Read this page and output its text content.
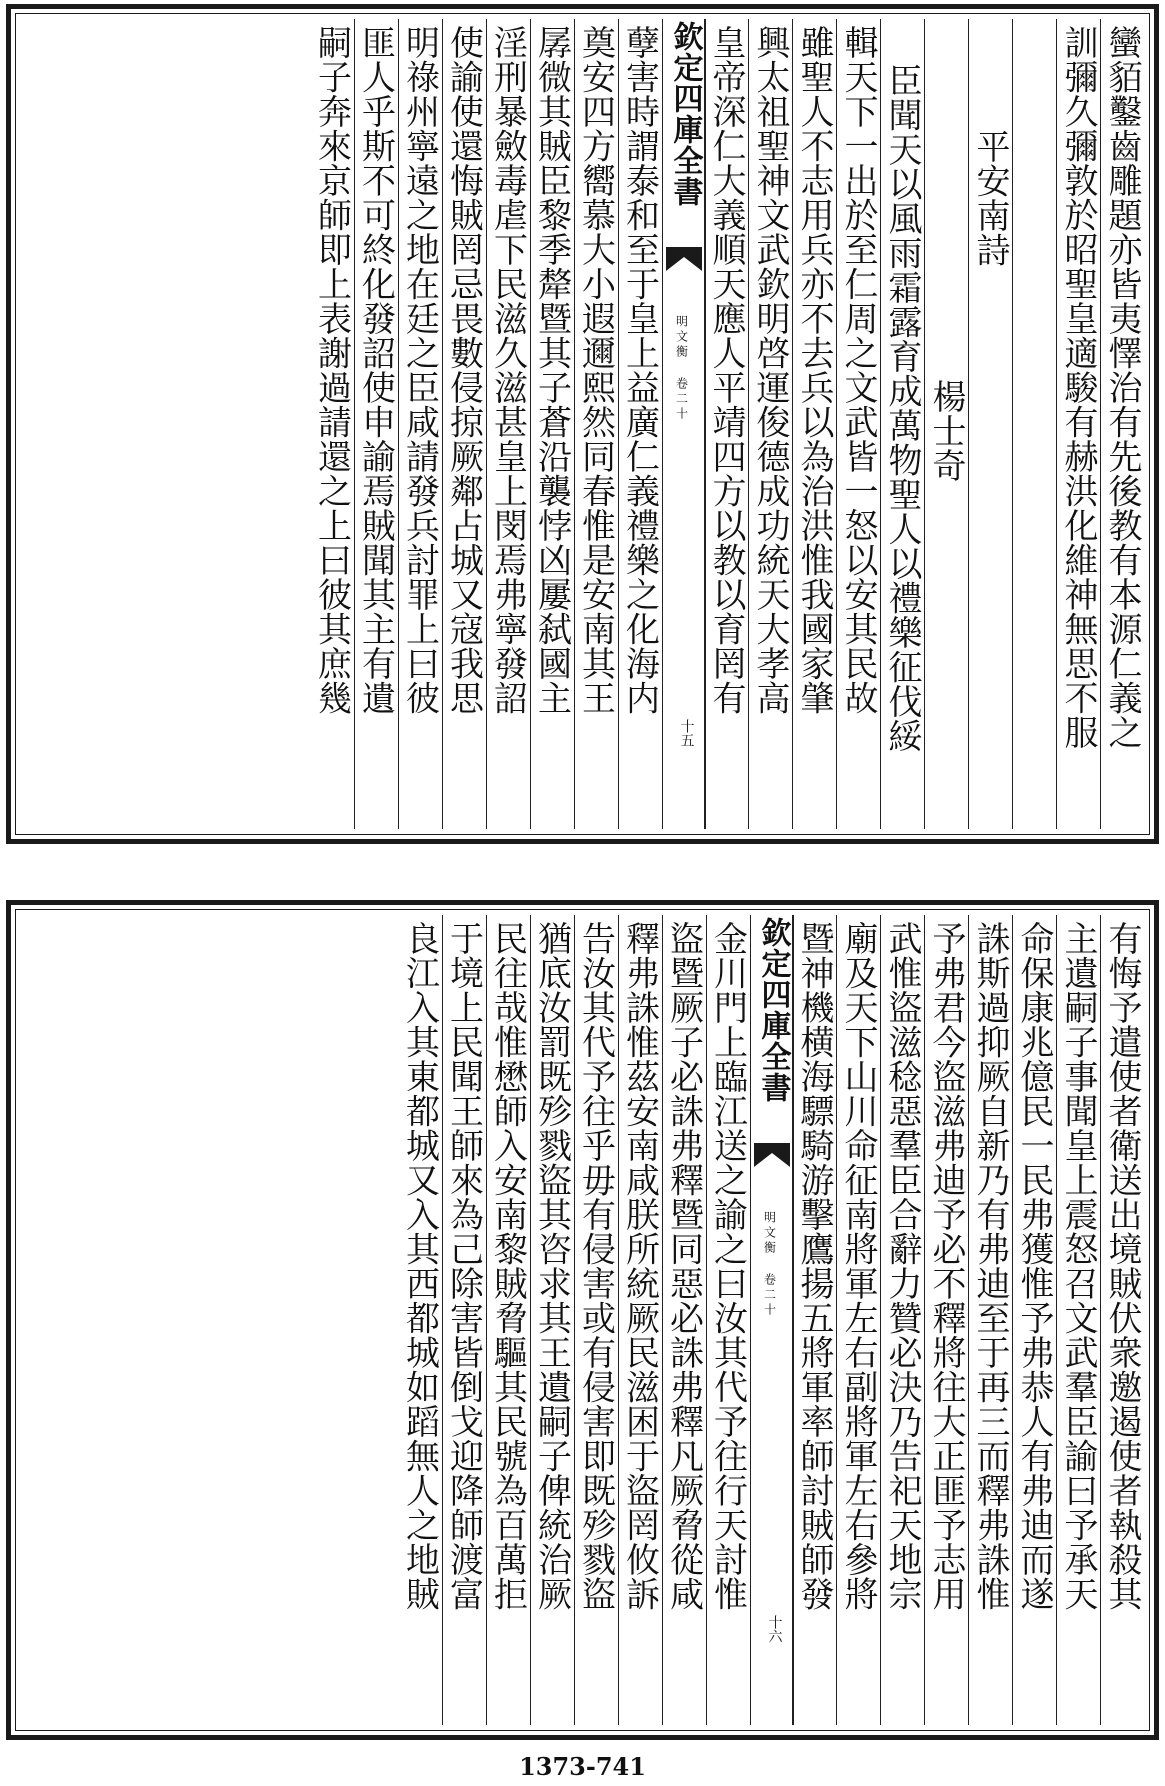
蠻貊鑿齒雕題亦皆夷懌治有先後教有本源仁義之
訓彌久彌敦於昭聖皇適駿有赫洪化維神無思不服
平安南詩
楊士奇
臣聞天以風雨霜露育成萬物聖人以禮樂征伐綏
輯天下一出於至仁周之文武皆一怒以安其民故
雖聖人不志用兵亦不去兵以為治洪惟我國家肇
興太祖聖神文武欽明啓運俊德成功統天大孝高
皇帝深仁大義順天應人平靖四方以教以育罔有
欽定四庫全書
明文衡 卷二十
十五
孽害時謂泰和至于皇上益廣仁義禮樂之化海内
奠安四方嚮慕大小遐邇熙然同春惟是安南其王
孱微其賊臣黎季犛暨其子蒼沿襲悖凶屢弑國主
淫刑暴斂毒虐下民滋久滋甚皇上閔焉弗寧發詔
使諭使還悔賊罔忌畏數侵掠厥鄰占城又寇我思
明祿州寧遠之地在廷之臣咸請發兵討罪上曰彼
匪人乎斯不可終化發詔使申諭焉賊聞其主有遺
嗣子奔來京師即上表謝過請還之上曰彼其庶幾
有悔予遣使者衛送出境賊伏衆邀遏使者執殺其
主遺嗣子事聞皇上震怒召文武羣臣諭曰予承天
命保康兆億民一民弗獲惟予弗恭人有弗迪而遂
誅斯過抑厥自新乃有弗迪至于再三而釋弗誅惟
予弗君今盜滋弗迪予必不釋將往大正匪予志用
武惟盜滋稔惡羣臣合辭力贊必決乃告祀天地宗
廟及天下山川命征南將軍左右副將軍左右參將
暨神機横海驃騎游擊鷹揚五將軍率師討賊師發
欽定四庫全書
明文衡 卷二十
十六
金川門上臨江送之諭之曰汝其代予往行天討惟
盜暨厥子必誅弗釋暨同惡必誅弗釋凡厥脅從咸
釋弗誅惟茲安南咸朕所統厥民滋困于盜罔攸訴
告汝其代予往乎毋有侵害或有侵害即既殄戮盜
猶底汝罰既殄戮盜其咨求其王遺嗣子俾統治厥
民往哉惟懋師入安南黎賊脅驅其民號為百萬拒
于境上民聞王師來為己除害皆倒戈迎降師渡富
良江入其東都城又入其西都城如蹈無人之地賊
1373-741
